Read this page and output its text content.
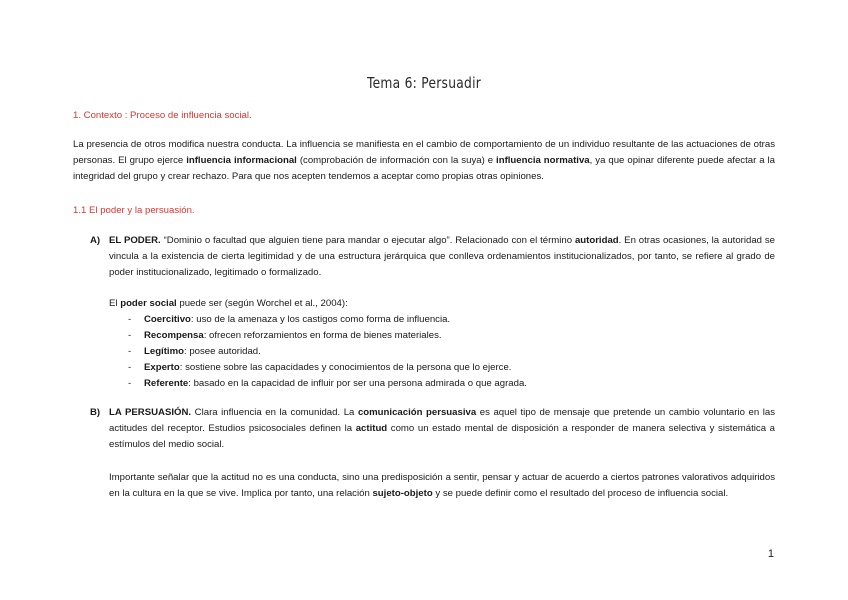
Tema 6: Persuadir
1. Contexto : Proceso de influencia social.
La presencia de otros modifica nuestra conducta. La influencia se manifiesta en el cambio de comportamiento de un individuo resultante de las actuaciones de otras personas. El grupo ejerce influencia informacional (comprobación de información con la suya) e influencia normativa, ya que opinar diferente puede afectar a la integridad del grupo y crear rechazo. Para que nos acepten tendemos a aceptar como propias otras opiniones.
1.1 El poder y la persuasión.
A) EL PODER. “Dominio o facultad que alguien tiene para mandar o ejecutar algo”. Relacionado con el término autoridad. En otras ocasiones, la autoridad se vincula a la existencia de cierta legitimidad y de una estructura jerárquica que conlleva ordenamientos institucionalizados, por tanto, se refiere al grado de poder institucionalizado, legitimado o formalizado.
El poder social puede ser (según Worchel et al., 2004):
- Coercitivo: uso de la amenaza y los castigos como forma de influencia.
- Recompensa: ofrecen reforzamientos en forma de bienes materiales.
- Legítimo: posee autoridad.
- Experto: sostiene sobre las capacidades y conocimientos de la persona que lo ejerce.
- Referente: basado en la capacidad de influir por ser una persona admirada o que agrada.
B) LA PERSUASIÓN. Clara influencia en la comunidad. La comunicación persuasiva es aquel tipo de mensaje que pretende un cambio voluntario en las actitudes del receptor. Estudios psicosociales definen la actitud como un estado mental de disposición a responder de manera selectiva y sistemática a estímulos del medio social.
Importante señalar que la actitud no es una conducta, sino una predisposición a sentir, pensar y actuar de acuerdo a ciertos patrones valorativos adquiridos en la cultura en la que se vive. Implica por tanto, una relación sujeto-objeto y se puede definir como el resultado del proceso de influencia social.
1
